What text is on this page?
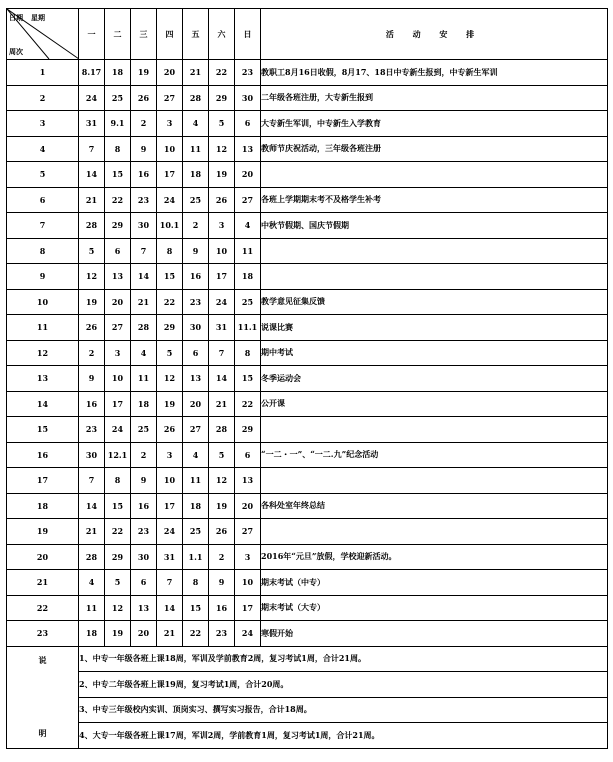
日期 星期
周次	一	二	三	四	五	六	日	活 动 安 排
1	8.17	18	19	20	21	22	23	教职工8月16日收假，8月17、18日中专新生报到，中专新生军训
2	24	25	26	27	28	29	30	二年级各班注册，大专新生报到
3	31	9.1	2	3	4	5	6	大专新生军训，中专新生入学教育
4	7	8	9	10	11	12	13	教师节庆祝活动，三年级各班注册
5	14	15	16	17	18	19	20	
6	21	22	23	24	25	26	27	各班上学期期末考不及格学生补考
7	28	29	30	10.1	2	3	4	中秋节假期、国庆节假期
8	5	6	7	8	9	10	11	
9	12	13	14	15	16	17	18	
10	19	20	21	22	23	24	25	教学意见征集反馈
11	26	27	28	29	30	31	11.1	说课比赛
12	2	3	4	5	6	7	8	期中考试
13	9	10	11	12	13	14	15	冬季运动会
14	16	17	18	19	20	21	22	公开课
15	23	24	25	26	27	28	29	
16	30	12.1	2	3	4	5	6	“一二・一”、“一二.九”纪念活动
17	7	8	9	10	11	12	13	
18	14	15	16	17	18	19	20	各科处室年终总结
19	21	22	23	24	25	26	27	
20	28	29	30	31	1.1	2	3	2016年“元旦”放假，学校迎新活动。
21	4	5	6	7	8	9	10	期末考试（中专）
22	11	12	13	14	15	16	17	期末考试（大专）
23	18	19	20	21	22	23	24	寒假开始

说
明	1、中专一年级各班上课18周，军训及学前教育2周，复习考试1周，合计21周。							
	2、中专二年级各班上课19周，复习考试1周，合计20周。							
	3、中专三年级校内实训、顶岗实习、撰写实习报告，合计18周。							
	4、大专一年级各班上课17周，军训2周，学前教育1周，复习考试1周，合计21周。							
